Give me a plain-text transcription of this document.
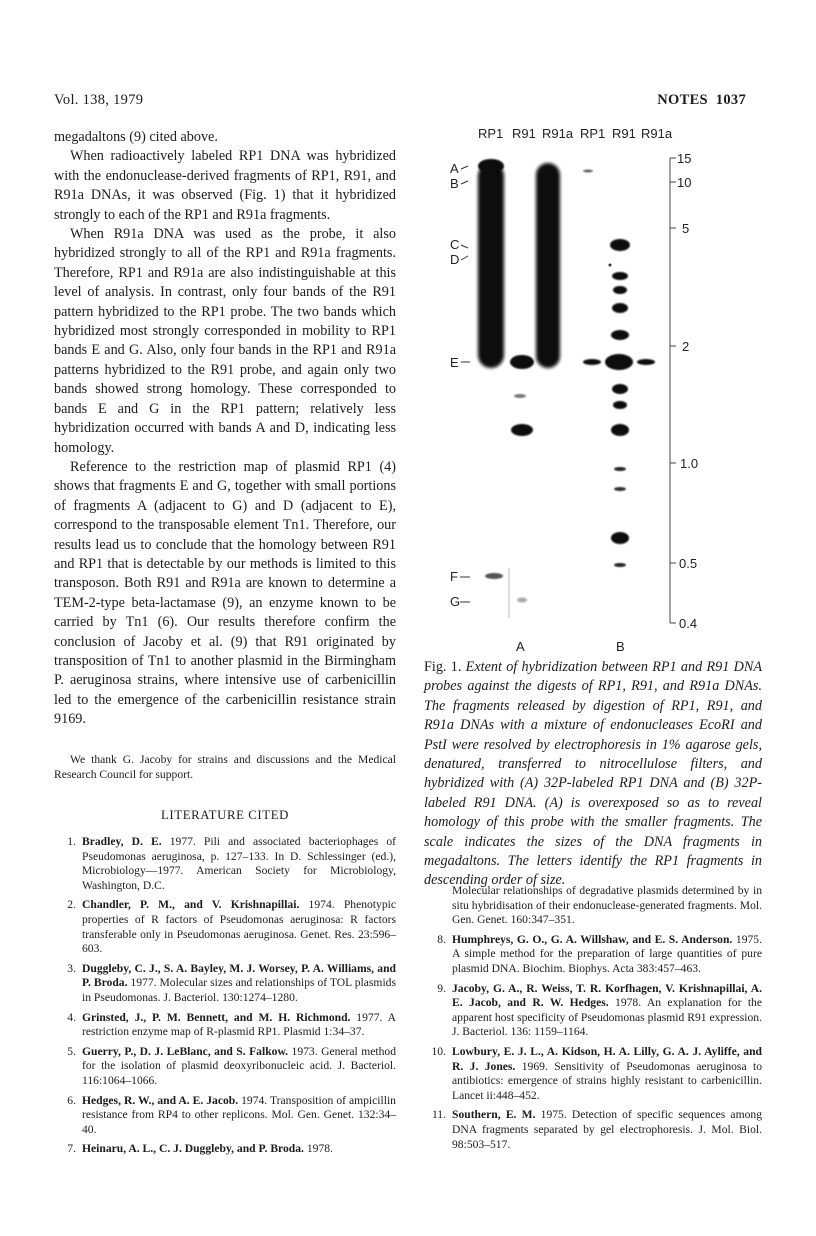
Vol. 138, 1979	NOTES 1037

megadaltons (9) cited above.

When radioactively labeled RP1 DNA was hybridized with the endonuclease-derived fragments of RP1, R91, and R91a DNAs, it was observed (Fig. 1) that it hybridized strongly to each of the RP1 and R91a fragments.

When R91a DNA was used as the probe, it also hybridized strongly to all of the RP1 and R91a fragments. Therefore, RP1 and R91a are also indistinguishable at this level of analysis. In contrast, only four bands of the R91 pattern hybridized to the RP1 probe. The two bands which hybridized most strongly corresponded in mobility to RP1 bands E and G. Also, only four bands in the RP1 and R91a patterns hybridized to the R91 probe, and again only two bands showed strong homology. These corresponded to bands E and G in the RP1 pattern; relatively less hybridization occurred with bands A and D, indicating less homology.

Reference to the restriction map of plasmid RP1 (4) shows that fragments E and G, together with small portions of fragments A (adjacent to G) and D (adjacent to E), correspond to the transposable element Tn1. Therefore, our results lead us to conclude that the homology between R91 and RP1 that is detectable by our methods is limited to this transposon. Both R91 and R91a are known to determine a TEM-2-type beta-lactamase (9), an enzyme known to be carried by Tn1 (6). Our results therefore confirm the conclusion of Jacoby et al. (9) that R91 originated by transposition of Tn1 to another plasmid in the Birmingham P. aeruginosa strains, where intensive use of carbenicillin led to the emergence of the carbenicillin resistance strain 9169.

We thank G. Jacoby for strains and discussions and the Medical Research Council for support.
LITERATURE CITED
1. Bradley, D. E. 1977. Pili and associated bacteriophages of Pseudomonas aeruginosa, p. 127–133. In D. Schlessinger (ed.), Microbiology—1977. American Society for Microbiology, Washington, D.C.
2. Chandler, P. M., and V. Krishnapillai. 1974. Phenotypic properties of R factors of Pseudomonas aeruginosa: R factors transferable only in Pseudomonas aeruginosa. Genet. Res. 23:596–603.
3. Duggleby, C. J., S. A. Bayley, M. J. Worsey, P. A. Williams, and P. Broda. 1977. Molecular sizes and relationships of TOL plasmids in Pseudomonas. J. Bacteriol. 130:1274–1280.
4. Grinsted, J., P. M. Bennett, and M. H. Richmond. 1977. A restriction enzyme map of R-plasmid RP1. Plasmid 1:34–37.
5. Guerry, P., D. J. LeBlanc, and S. Falkow. 1973. General method for the isolation of plasmid deoxyribonucleic acid. J. Bacteriol. 116:1064–1066.
6. Hedges, R. W., and A. E. Jacob. 1974. Transposition of ampicillin resistance from RP4 to other replicons. Mol. Gen. Genet. 132:34–40.
7. Heinaru, A. L., C. J. Duggleby, and P. Broda. 1978.
RP1 R91 R91a RP1 R91 R91a
A
B
C
D
E
F
G
15
10
5
2
1.0
0.5
0.4
A	B
Fig. 1. Extent of hybridization between RP1 and R91 DNA probes against the digests of RP1, R91, and R91a DNAs. The fragments released by digestion of RP1, R91, and R91a DNAs with a mixture of endonucleases EcoRI and PstI were resolved by electrophoresis in 1% agarose gels, denatured, transferred to nitrocellulose filters, and hybridized with (A) 32P-labeled RP1 DNA and (B) 32P-labeled R91 DNA. (A) is overexposed so as to reveal homology of this probe with the smaller fragments. The scale indicates the sizes of the DNA fragments in megadaltons. The letters identify the RP1 fragments in descending order of size.
Molecular relationships of degradative plasmids determined by in situ hybridisation of their endonuclease-generated fragments. Mol. Gen. Genet. 160:347–351.
8. Humphreys, G. O., G. A. Willshaw, and E. S. Anderson. 1975. A simple method for the preparation of large quantities of pure plasmid DNA. Biochim. Biophys. Acta 383:457–463.
9. Jacoby, G. A., R. Weiss, T. R. Korfhagen, V. Krishnapillai, A. E. Jacob, and R. W. Hedges. 1978. An explanation for the apparent host specificity of Pseudomonas plasmid R91 expression. J. Bacteriol. 136: 1159–1164.
10. Lowbury, E. J. L., A. Kidson, H. A. Lilly, G. A. J. Ayliffe, and R. J. Jones. 1969. Sensitivity of Pseudomonas aeruginosa to antibiotics: emergence of strains highly resistant to carbenicillin. Lancet ii:448–452.
11. Southern, E. M. 1975. Detection of specific sequences among DNA fragments separated by gel electrophoresis. J. Mol. Biol. 98:503–517.
